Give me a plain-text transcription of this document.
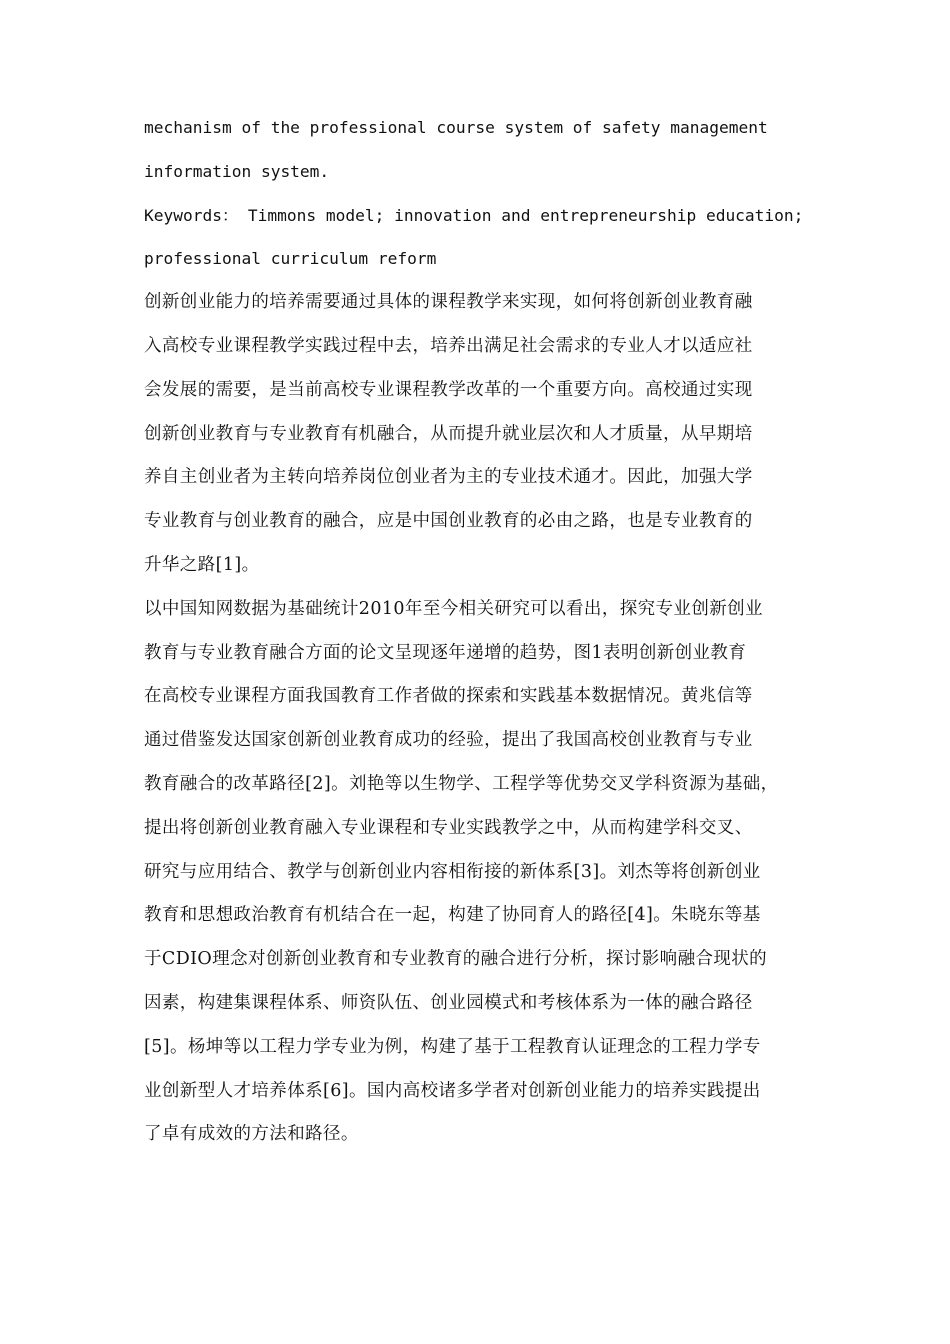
mechanism of the professional course system of safety management
information system.
Keywords： Timmons model; innovation and entrepreneurship education;
professional curriculum reform
创新创业能力的培养需要通过具体的课程教学来实现，如何将创新创业教育融
入高校专业课程教学实践过程中去，培养出满足社会需求的专业人才以适应社
会发展的需要，是当前高校专业课程教学改革的一个重要方向。高校通过实现
创新创业教育与专业教育有机融合，从而提升就业层次和人才质量，从早期培
养自主创业者为主转向培养岗位创业者为主的专业技术通才。因此，加强大学
专业教育与创业教育的融合，应是中国创业教育的必由之路，也是专业教育的
升华之路[1]。
以中国知网数据为基础统计2010年至今相关研究可以看出，探究专业创新创业
教育与专业教育融合方面的论文呈现逐年递增的趋势，图1表明创新创业教育
在高校专业课程方面我国教育工作者做的探索和实践基本数据情况。黄兆信等
通过借鉴发达国家创新创业教育成功的经验，提出了我国高校创业教育与专业
教育融合的改革路径[2]。刘艳等以生物学、工程学等优势交叉学科资源为基础，
提出将创新创业教育融入专业课程和专业实践教学之中，从而构建学科交叉、
研究与应用结合、教学与创新创业内容相衔接的新体系[3]。刘杰等将创新创业
教育和思想政治教育有机结合在一起，构建了协同育人的路径[4]。朱晓东等基
于CDIO理念对创新创业教育和专业教育的融合进行分析，探讨影响融合现状的
因素，构建集课程体系、师资队伍、创业园模式和考核体系为一体的融合路径
[5]。杨坤等以工程力学专业为例，构建了基于工程教育认证理念的工程力学专
业创新型人才培养体系[6]。国内高校诸多学者对创新创业能力的培养实践提出
了卓有成效的方法和路径。
